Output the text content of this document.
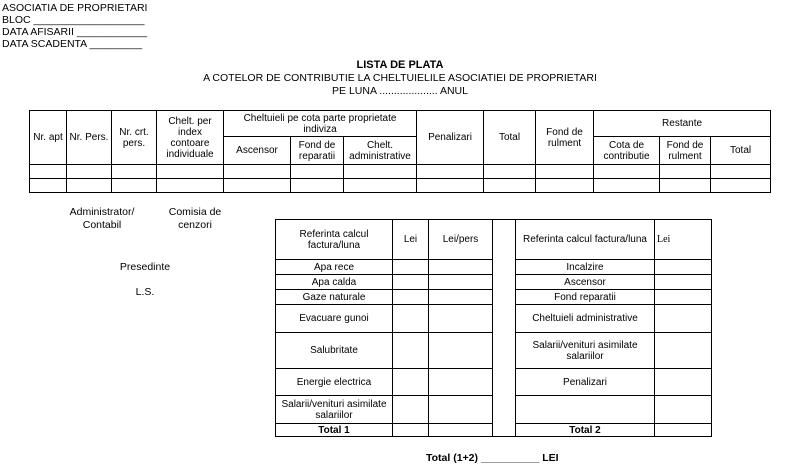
ASOCIATIA DE PROPRIETARI
BLOC ___________________
DATA AFISARII ____________
DATA SCADENTA _________
LISTA DE PLATA
A COTELOR DE CONTRIBUTIE LA CHELTUIELILE ASOCIATIEI DE PROPRIETARI
PE LUNA .................... ANUL
Nr. apt	Nr. Pers.	Nr. crt. pers.	Chelt. per index contoare individuale	Cheltuieli pe cota parte proprietate indiviza			Penalizari	Total	Fond de rulment	Restante		
				Ascensor	Fond de reparatii	Chelt. administrative				Cota de contributie	Fond de rulment	Total

Administrator/ Contabil
Comisia de cenzori
Presedinte
L.S.
Referinta calcul factura/luna	Lei	Lei/pers		Referinta calcul factura/luna	Lei
Apa rece				Incalzire	
Apa calda				Ascensor	
Gaze naturale				Fond reparatii	
Evacuare gunoi				Cheltuieli administrative	
Salubritate				Salarii/venituri asimilate salariilor	
Energie electrica				Penalizari	
Salarii/venituri asimilate salariilor					
Total 1				Total 2	
Total (1+2) __________ LEI
